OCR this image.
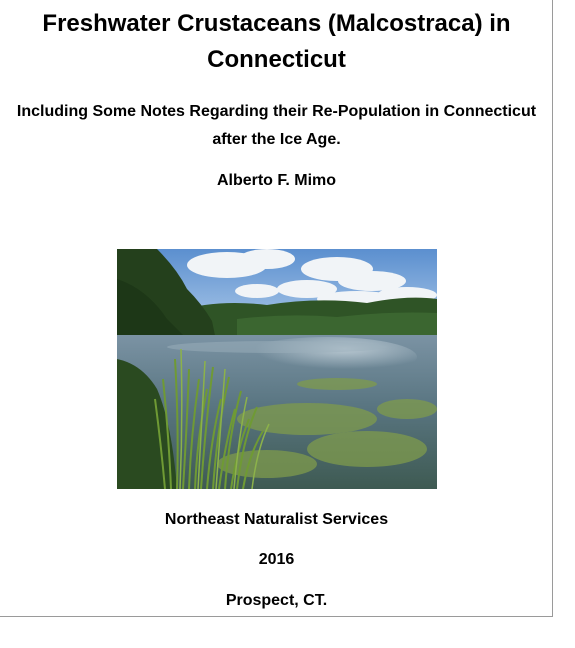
Freshwater Crustaceans (Malcostraca) in Connecticut
Including Some Notes Regarding their Re-Population in Connecticut after the Ice Age.

Alberto F. Mimo

Northeast Naturalist Services

2016

Prospect, CT.
